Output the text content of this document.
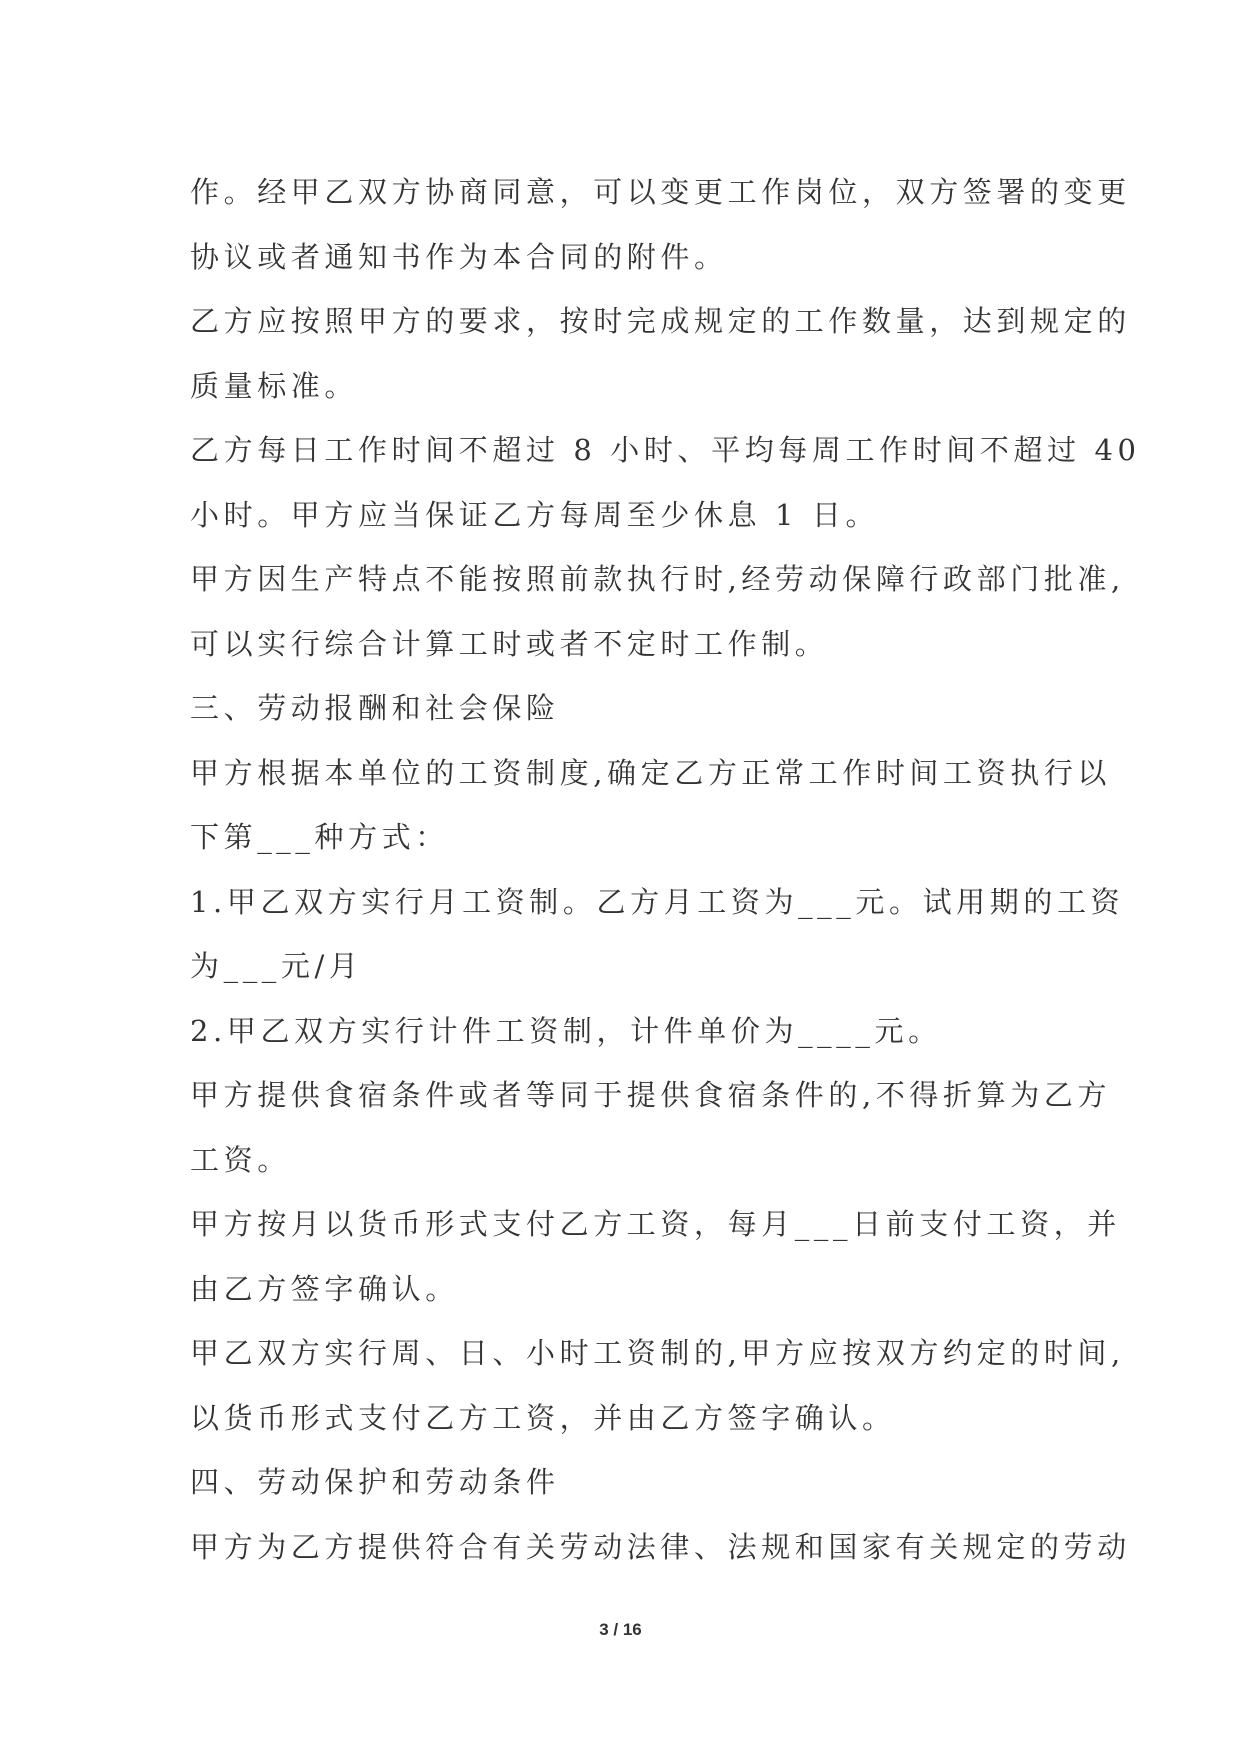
作。经甲乙双方协商同意，可以变更工作岗位，双方签署的变更
协议或者通知书作为本合同的附件。
乙方应按照甲方的要求，按时完成规定的工作数量，达到规定的
质量标准。
乙方每日工作时间不超过 8 小时、平均每周工作时间不超过 40
小时。甲方应当保证乙方每周至少休息 1 日。
甲方因生产特点不能按照前款执行时,经劳动保障行政部门批准,
可以实行综合计算工时或者不定时工作制。
三、劳动报酬和社会保险
甲方根据本单位的工资制度,确定乙方正常工作时间工资执行以
下第___种方式：
1.甲乙双方实行月工资制。乙方月工资为___元。试用期的工资
为___元/月
2.甲乙双方实行计件工资制，计件单价为____元。
甲方提供食宿条件或者等同于提供食宿条件的,不得折算为乙方
工资。
甲方按月以货币形式支付乙方工资，每月___日前支付工资，并
由乙方签字确认。
甲乙双方实行周、日、小时工资制的,甲方应按双方约定的时间,
以货币形式支付乙方工资，并由乙方签字确认。
四、劳动保护和劳动条件
甲方为乙方提供符合有关劳动法律、法规和国家有关规定的劳动
3 / 16
